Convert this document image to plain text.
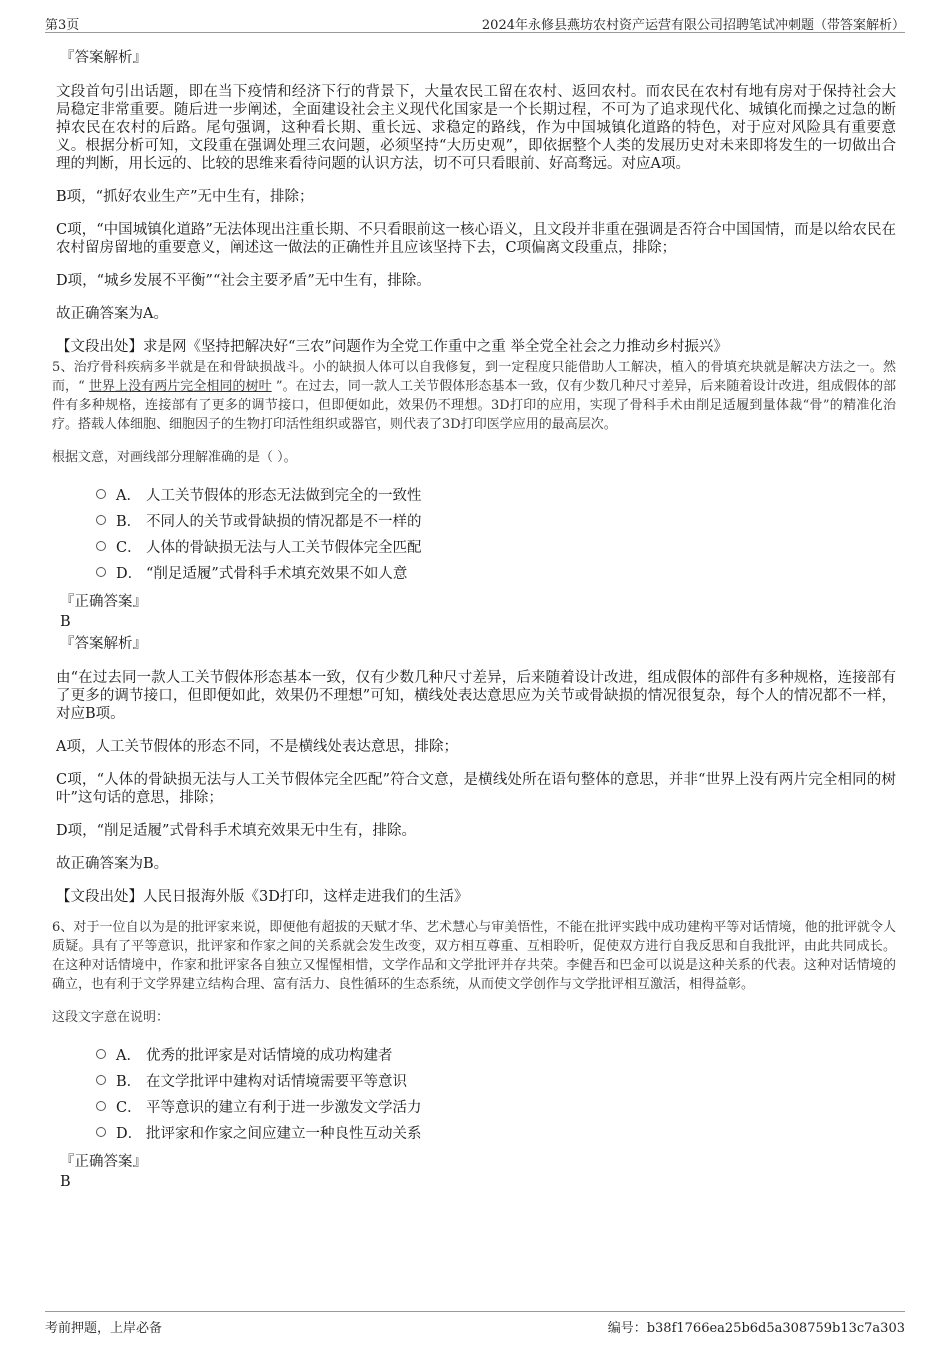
第3页	2024年永修县燕坊农村资产运营有限公司招聘笔试冲刺题（带答案解析）
『答案解析』

文段首句引出话题，即在当下疫情和经济下行的背景下，大量农民工留在农村、返回农村。而农民在农村有地有房对于保持社会大局稳定非常重要。随后进一步阐述，全面建设社会主义现代化国家是一个长期过程，不可为了追求现代化、城镇化而操之过急的断掉农民在农村的后路。尾句强调，这种看长期、重长远、求稳定的路线，作为中国城镇化道路的特色，对于应对风险具有重要意义。根据分析可知，文段重在强调处理三农问题，必须坚持“大历史观”，即依据整个人类的发展历史对未来即将发生的一切做出合理的判断，用长远的、比较的思维来看待问题的认识方法，切不可只看眼前、好高骛远。对应A项。

B项，“抓好农业生产”无中生有，排除；

C项，“中国城镇化道路”无法体现出注重长期、不只看眼前这一核心语义，且文段并非重在强调是否符合中国国情，而是以给农民在农村留房留地的重要意义，阐述这一做法的正确性并且应该坚持下去，C项偏离文段重点，排除；

D项，“城乡发展不平衡”“社会主要矛盾”无中生有，排除。

故正确答案为A。

【文段出处】求是网《坚持把解决好“三农”问题作为全党工作重中之重 举全党全社会之力推动乡村振兴》

5、治疗骨科疾病多半就是在和骨缺损战斗。小的缺损人体可以自我修复，到一定程度只能借助人工解决，植入的骨填充块就是解决方法之一。然而，“ 世界上没有两片完全相同的树叶 ”。在过去，同一款人工关节假体形态基本一致，仅有少数几种尺寸差异，后来随着设计改进，组成假体的部件有多种规格，连接部有了更多的调节接口，但即便如此，效果仍不理想。3D打印的应用，实现了骨科手术由削足适履到量体裁“骨”的精准化治疗。搭载人体细胞、细胞因子的生物打印活性组织或器官，则代表了3D打印医学应用的最高层次。

根据文意，对画线部分理解准确的是（ ）。

A． 人工关节假体的形态无法做到完全的一致性
B． 不同人的关节或骨缺损的情况都是不一样的
C． 人体的骨缺损无法与人工关节假体完全匹配
D． “削足适履”式骨科手术填充效果不如人意
『正确答案』
B
『答案解析』

由“在过去同一款人工关节假体形态基本一致，仅有少数几种尺寸差异，后来随着设计改进，组成假体的部件有多种规格，连接部有了更多的调节接口，但即便如此，效果仍不理想”可知，横线处表达意思应为关节或骨缺损的情况很复杂，每个人的情况都不一样，对应B项。

A项，人工关节假体的形态不同，不是横线处表达意思，排除；

C项，“人体的骨缺损无法与人工关节假体完全匹配”符合文意，是横线处所在语句整体的意思，并非“世界上没有两片完全相同的树叶”这句话的意思，排除；

D项，“削足适履”式骨科手术填充效果无中生有，排除。

故正确答案为B。

【文段出处】人民日报海外版《3D打印，这样走进我们的生活》

6、对于一位自以为是的批评家来说，即便他有超拔的天赋才华、艺术慧心与审美悟性，不能在批评实践中成功建构平等对话情境，他的批评就令人质疑。具有了平等意识，批评家和作家之间的关系就会发生改变，双方相互尊重、互相聆听，促使双方进行自我反思和自我批评，由此共同成长。在这种对话情境中，作家和批评家各自独立又惺惺相惜，文学作品和文学批评并存共荣。李健吾和巴金可以说是这种关系的代表。这种对话情境的确立，也有利于文学界建立结构合理、富有活力、良性循环的生态系统，从而使文学创作与文学批评相互激活，相得益彰。

这段文字意在说明：

A． 优秀的批评家是对话情境的成功构建者
B． 在文学批评中建构对话情境需要平等意识
C． 平等意识的建立有利于进一步激发文学活力
D． 批评家和作家之间应建立一种良性互动关系
『正确答案』
B
考前押题，上岸必备	编号：b38f1766ea25b6d5a308759b13c7a303
